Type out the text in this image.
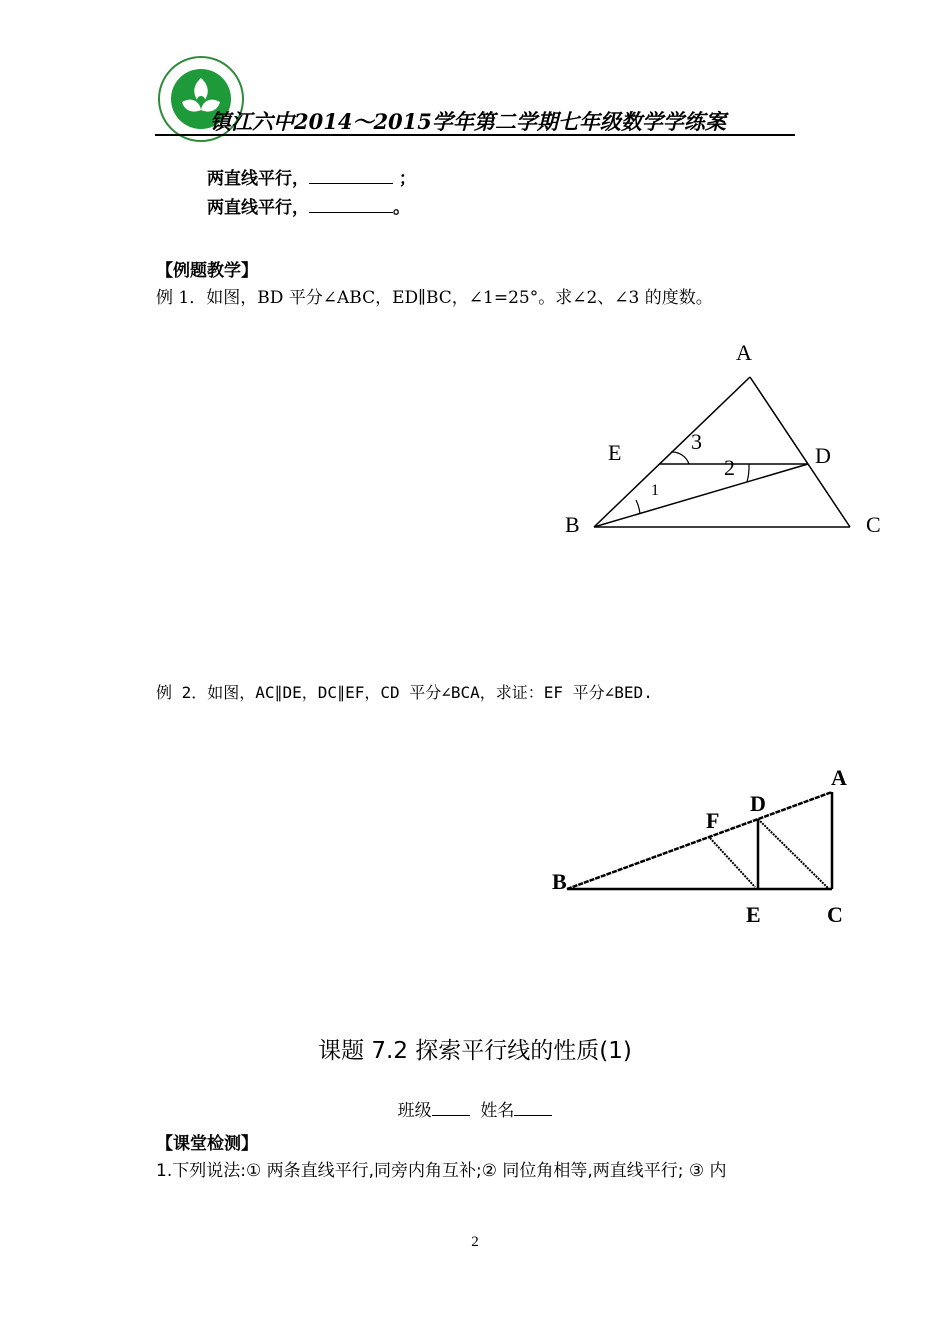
镇江六中2014～2015学年第二学期七年级数学学练案
两直线平行，	；
两直线平行，	。
【例题教学】
例 1．如图，BD 平分∠ABC，ED∥BC，∠1=25°。求∠2、∠3 的度数。
A
B	C
D
E
1
2
3
例 2．如图，AC∥DE，DC∥EF，CD 平分∠BCA，求证：EF 平分∠BED.
A
B
C
D
E
F
课题 7.2 探索平行线的性质(1)
班级	姓名
【课堂检测】
1.下列说法:① 两条直线平行,同旁内角互补;② 同位角相等,两直线平行; ③ 内
2
